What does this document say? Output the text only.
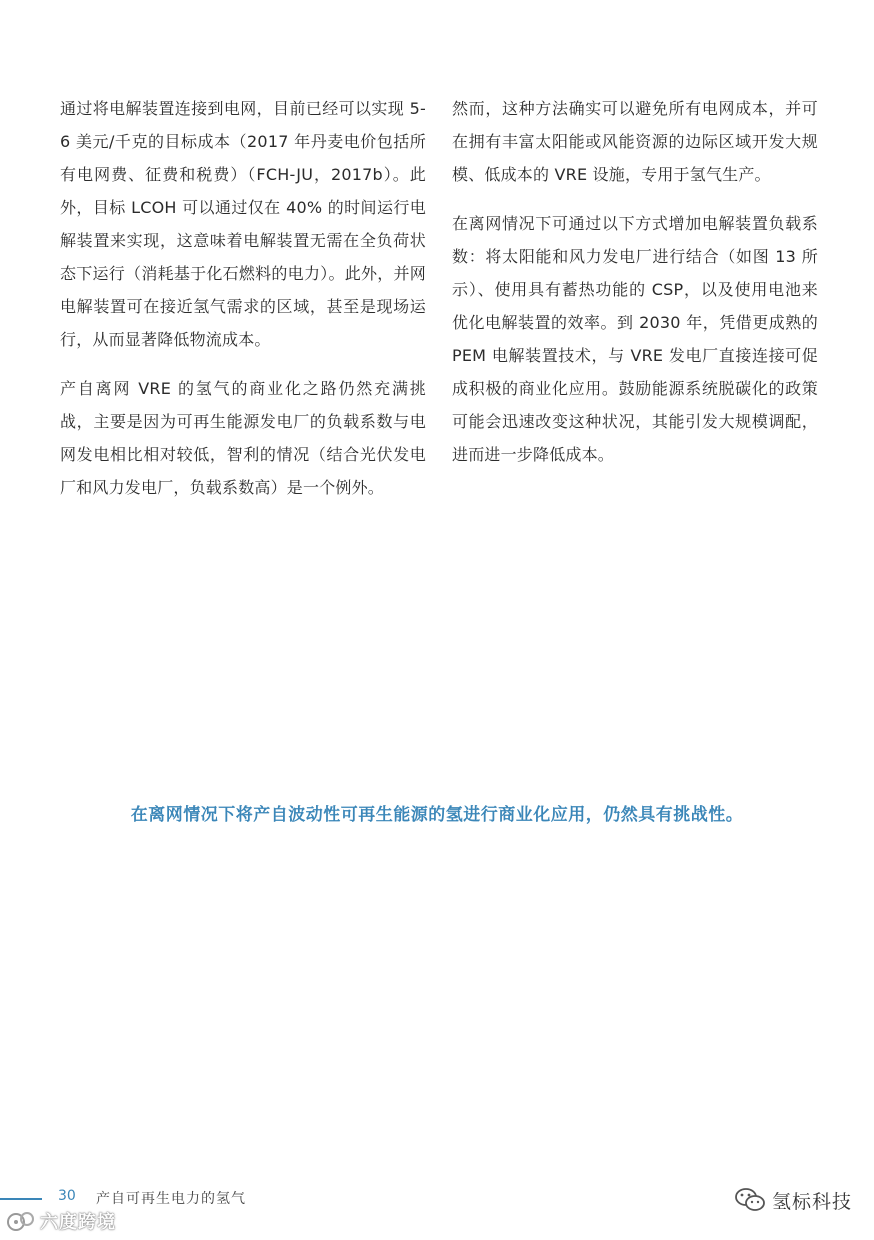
通过将电解装置连接到电网，目前已经可以实现 5-6 美元/千克的目标成本（2017 年丹麦电价包括所有电网费、征费和税费）（FCH-JU，2017b）。此外，目标 LCOH 可以通过仅在 40% 的时间运行电解装置来实现，这意味着电解装置无需在全负荷状态下运行（消耗基于化石燃料的电力）。此外，并网电解装置可在接近氢气需求的区域，甚至是现场运行，从而显著降低物流成本。

产自离网 VRE 的氢气的商业化之路仍然充满挑战，主要是因为可再生能源发电厂的负载系数与电网发电相比相对较低，智利的情况（结合光伏发电厂和风力发电厂，负载系数高）是一个例外。

然而，这种方法确实可以避免所有电网成本，并可在拥有丰富太阳能或风能资源的边际区域开发大规模、低成本的 VRE 设施，专用于氢气生产。

在离网情况下可通过以下方式增加电解装置负载系数：将太阳能和风力发电厂进行结合（如图 13 所示）、使用具有蓄热功能的 CSP，以及使用电池来优化电解装置的效率。到 2030 年，凭借更成熟的 PEM 电解装置技术，与 VRE 发电厂直接连接可促成积极的商业化应用。鼓励能源系统脱碳化的政策可能会迅速改变这种状况，其能引发大规模调配，进而进一步降低成本。

在离网情况下将产自波动性可再生能源的氢进行商业化应用，仍然具有挑战性。
30 产自可再生电力的氢气
六度跨境
氢标科技
